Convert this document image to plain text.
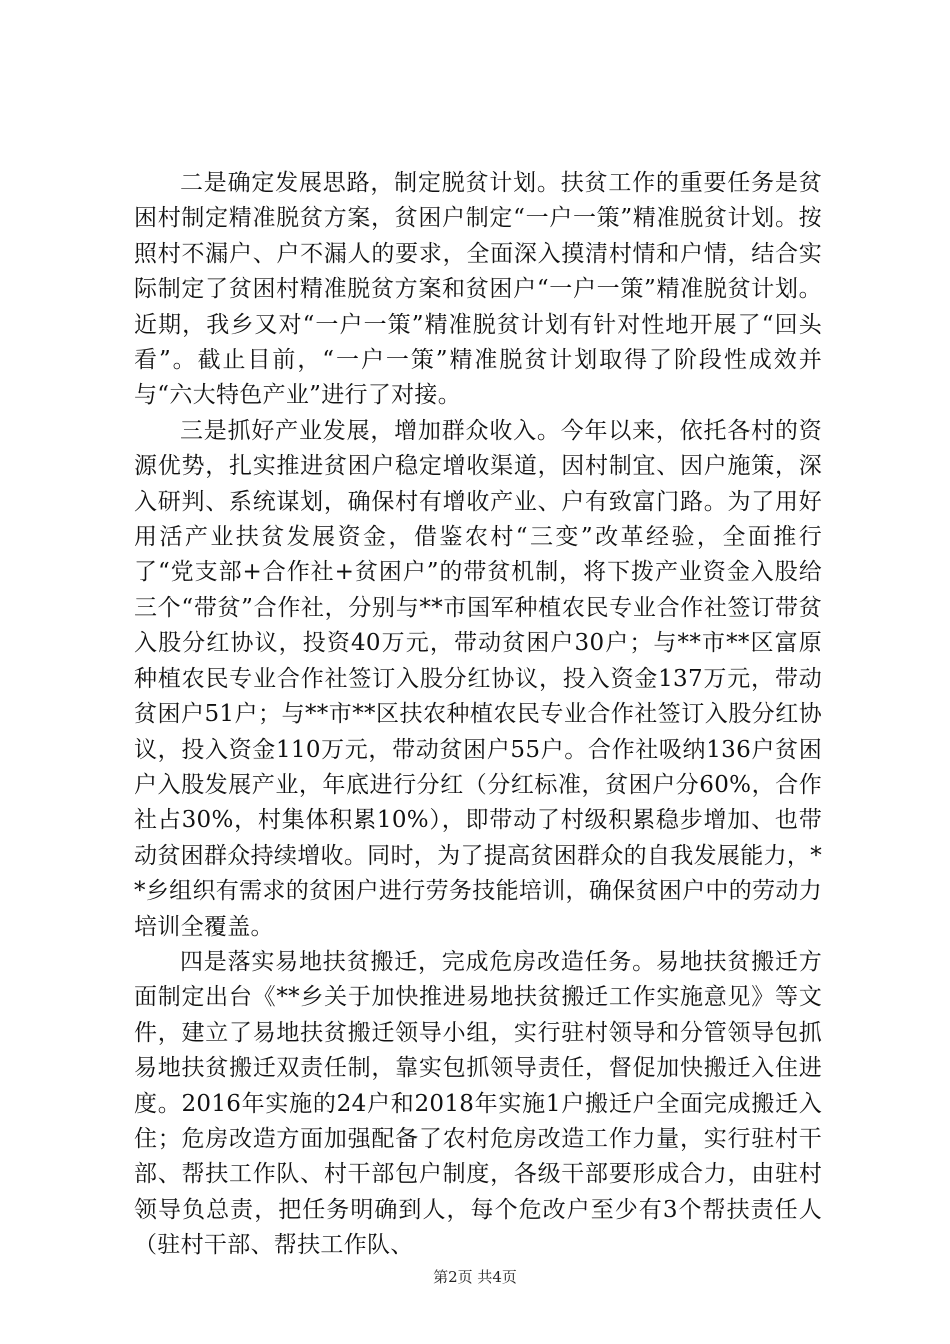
二是确定发展思路，制定脱贫计划。扶贫工作的重要任务是贫困村制定精准脱贫方案，贫困户制定“一户一策”精准脱贫计划。按照村不漏户、户不漏人的要求，全面深入摸清村情和户情，结合实际制定了贫困村精准脱贫方案和贫困户“一户一策”精准脱贫计划。近期，我乡又对“一户一策”精准脱贫计划有针对性地开展了“回头看”。截止目前，“一户一策”精准脱贫计划取得了阶段性成效并与“六大特色产业”进行了对接。

三是抓好产业发展，增加群众收入。今年以来，依托各村的资源优势，扎实推进贫困户稳定增收渠道，因村制宜、因户施策，深入研判、系统谋划，确保村有增收产业、户有致富门路。为了用好用活产业扶贫发展资金，借鉴农村“三变”改革经验，全面推行了“党支部+合作社+贫困户”的带贫机制，将下拨产业资金入股给三个“带贫”合作社，分别与**市国军种植农民专业合作社签订带贫入股分红协议，投资40万元，带动贫困户30户；与**市**区富原种植农民专业合作社签订入股分红协议，投入资金137万元，带动贫困户51户；与**市**区扶农种植农民专业合作社签订入股分红协议，投入资金110万元，带动贫困户55户。合作社吸纳136户贫困户入股发展产业，年底进行分红（分红标准，贫困户分60%，合作社占30%，村集体积累10%），即带动了村级积累稳步增加、也带动贫困群众持续增收。同时，为了提高贫困群众的自我发展能力，**乡组织有需求的贫困户进行劳务技能培训，确保贫困户中的劳动力培训全覆盖。

四是落实易地扶贫搬迁，完成危房改造任务。易地扶贫搬迁方面制定出台《**乡关于加快推进易地扶贫搬迁工作实施意见》等文件，建立了易地扶贫搬迁领导小组，实行驻村领导和分管领导包抓易地扶贫搬迁双责任制，靠实包抓领导责任，督促加快搬迁入住进度。2016年实施的24户和2018年实施1户搬迁户全面完成搬迁入住；危房改造方面加强配备了农村危房改造工作力量，实行驻村干部、帮扶工作队、村干部包户制度，各级干部要形成合力，由驻村领导负总责，把任务明确到人，每个危改户至少有3个帮扶责任人（驻村干部、帮扶工作队、

第2页 共4页
